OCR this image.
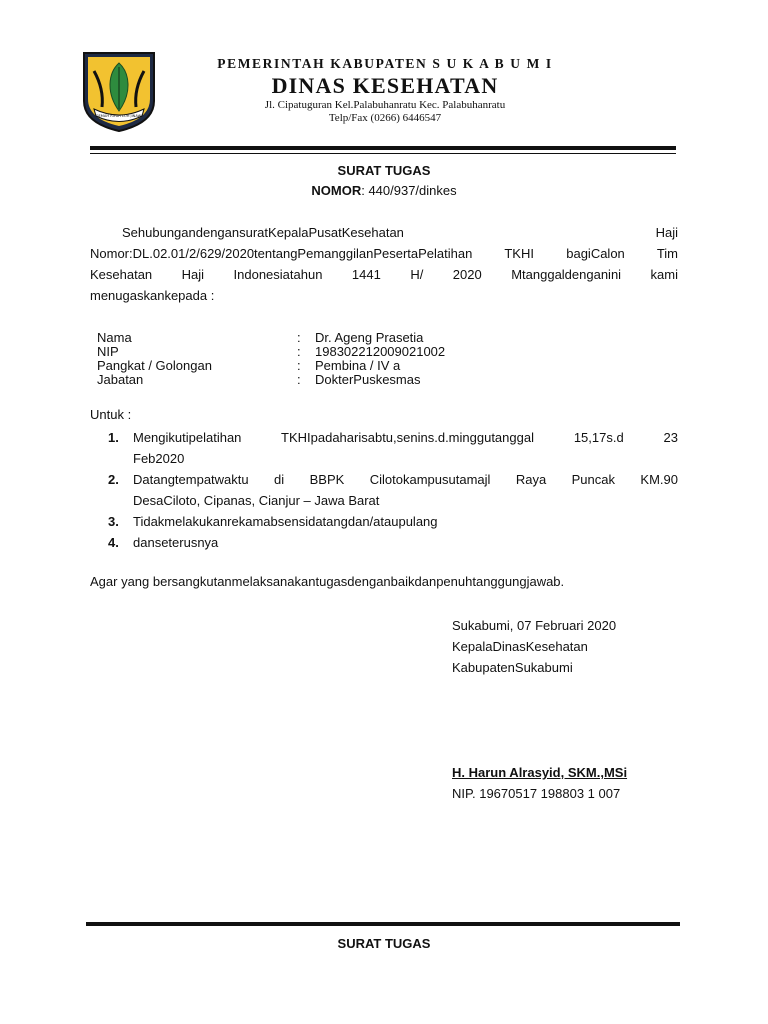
GEMAH RIPAH LOH JINAWI
PEMERINTAH KABUPATEN S U K A B U M I
DINAS KESEHATAN
Jl. Cipatuguran Kel.Palabuhanratu Kec. Palabuhanratu
Telp/Fax (0266) 6446547
SURAT TUGAS
NOMOR: 440/937/dinkes
SehubungandengansuratKepalaPusatKesehatan Haji
Nomor:DL.02.01/2/629/2020tentangPemanggilanPesertaPelatihan TKHI bagiCalon Tim
Kesehatan Haji Indonesiatahun 1441 H/ 2020 Mtanggaldenganini kami
menugaskankepada :
Nama	:	Dr. Ageng Prasetia
NIP	:	198302212009021002
Pangkat / Golongan	:	Pembina / IV a
Jabatan	:	DokterPuskesmas
Untuk :
1.	Mengikutipelatihan TKHIpadaharisabtu,senins.d.minggutanggal 15,17s.d 23
Feb2020
2.	Datangtempatwaktu di BBPK Cilotokampusutamajl Raya Puncak KM.90
DesaCiloto, Cipanas, Cianjur – Jawa Barat
3.	Tidakmelakukanrekamabsensidatangdan/ataupulang
4.	danseterusnya
Agar yang bersangkutanmelaksanakantugasdenganbaikdanpenuhtanggungjawab.
Sukabumi, 07 Februari 2020
KepalaDinasKesehatan
KabupatenSukabumi
H. Harun Alrasyid, SKM.,MSi
NIP. 19670517 198803 1 007
SURAT TUGAS
